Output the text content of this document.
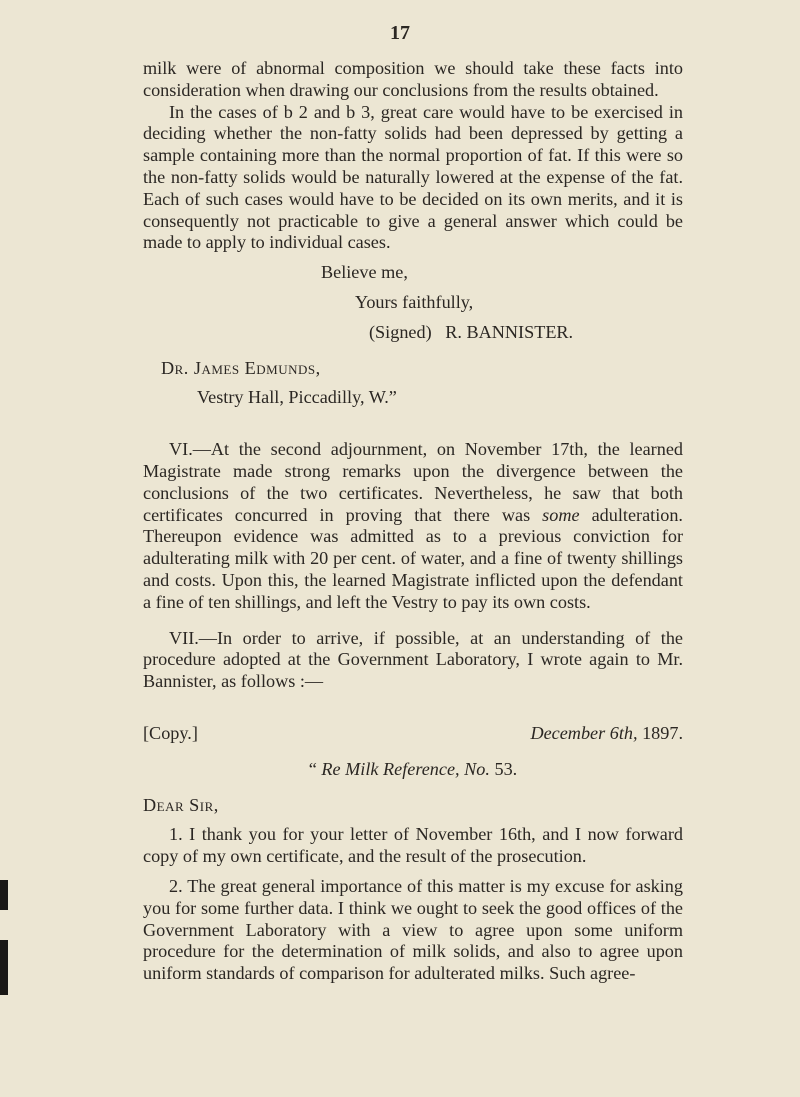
17

milk were of abnormal composition we should take these facts into consideration when drawing our conclusions from the results obtained.

In the cases of b 2 and b 3, great care would have to be exercised in deciding whether the non-fatty solids had been depressed by getting a sample containing more than the normal proportion of fat. If this were so the non-fatty solids would be naturally lowered at the expense of the fat. Each of such cases would have to be decided on its own merits, and it is consequently not practicable to give a general answer which could be made to apply to individual cases.

Believe me,

Yours faithfully,

(Signed) R. BANNISTER.

Dr. James Edmunds,

Vestry Hall, Piccadilly, W.”

VI.—At the second adjournment, on November 17th, the learned Magistrate made strong remarks upon the divergence between the conclusions of the two certificates. Nevertheless, he saw that both certificates concurred in proving that there was some adulteration. Thereupon evidence was admitted as to a previous conviction for adulterating milk with 20 per cent. of water, and a fine of twenty shillings and costs. Upon this, the learned Magistrate inflicted upon the defendant a fine of ten shillings, and left the Vestry to pay its own costs.

VII.—In order to arrive, if possible, at an understanding of the procedure adopted at the Government Laboratory, I wrote again to Mr. Bannister, as follows :—

[Copy.]	December 6th, 1897.

“ Re Milk Reference, No. 53.

Dear Sir,

1. I thank you for your letter of November 16th, and I now forward copy of my own certificate, and the result of the prosecution.

2. The great general importance of this matter is my excuse for asking you for some further data. I think we ought to seek the good offices of the Government Laboratory with a view to agree upon some uniform procedure for the determination of milk solids, and also to agree upon uniform standards of comparison for adulterated milks. Such agree-
